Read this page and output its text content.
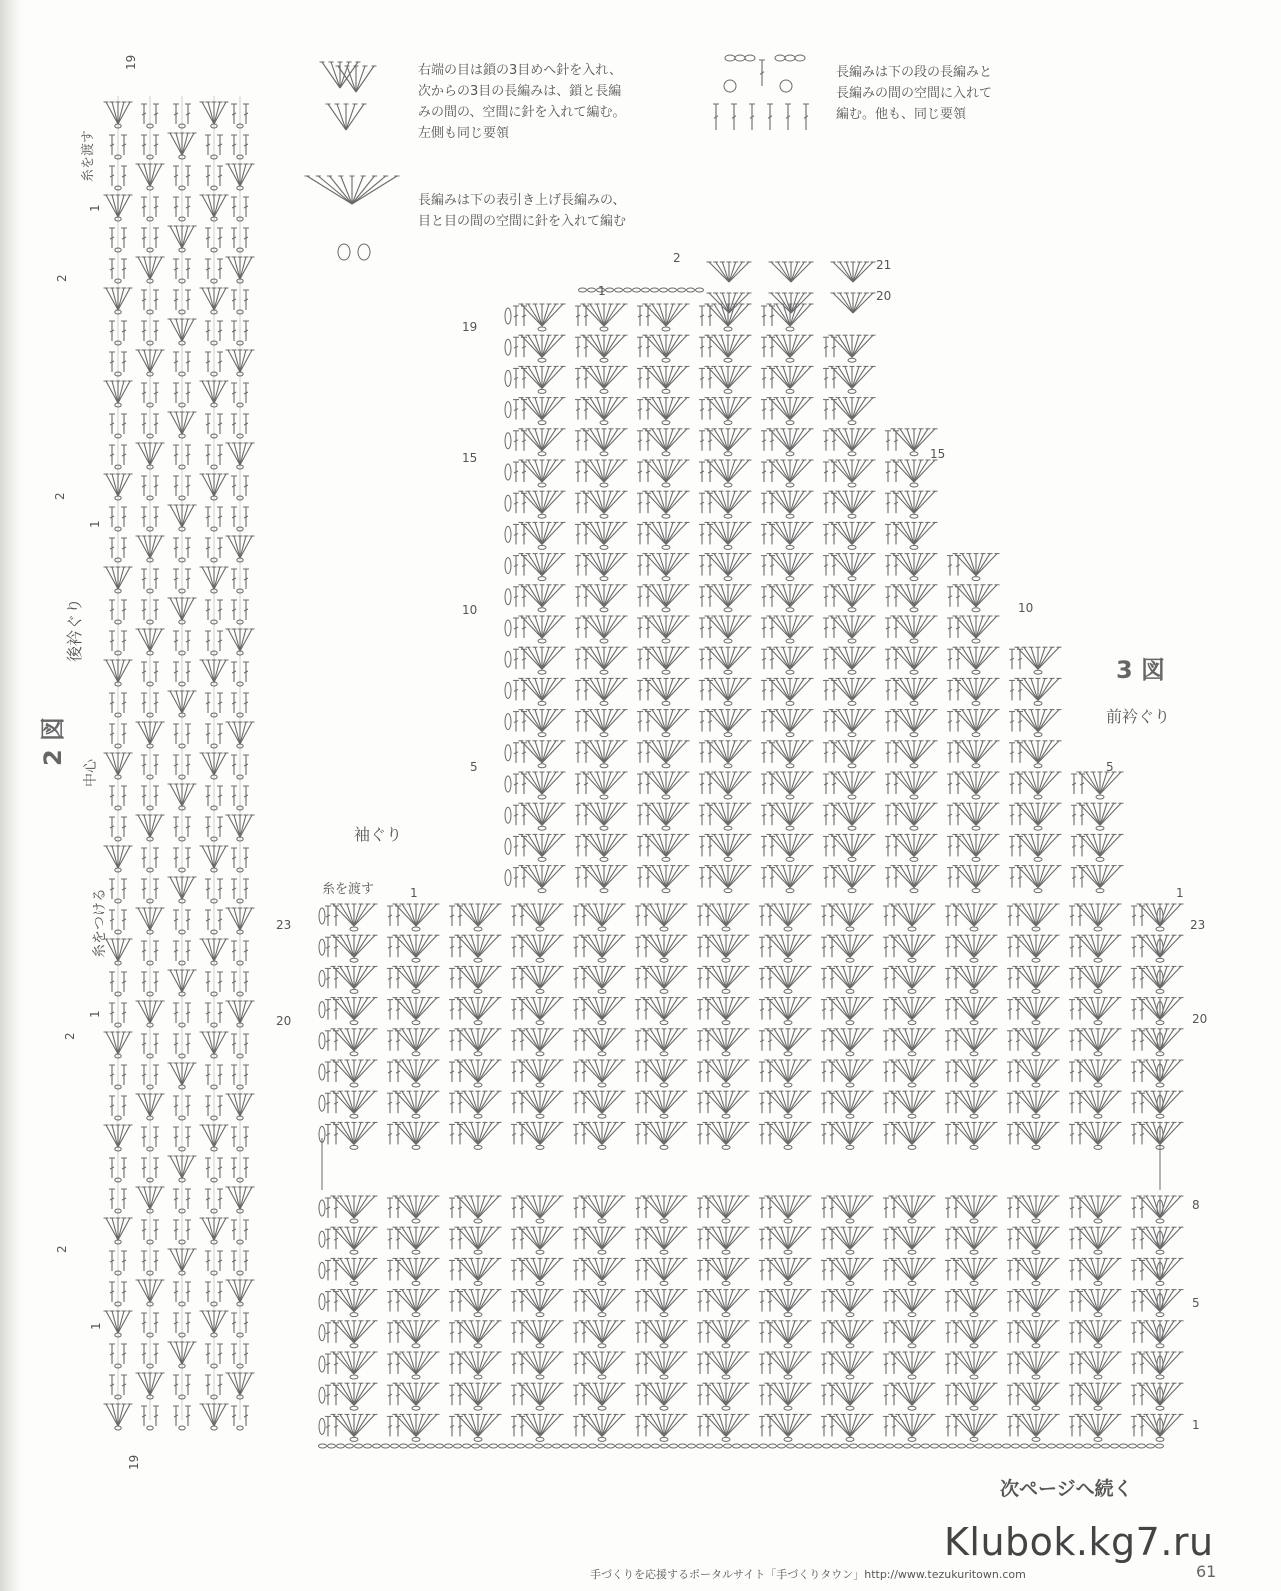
右端の目は鎖の3目めへ針を入れ、
次からの3目の長編みは、鎖と長編
みの間の、空間に針を入れて編む。
左側も同じ要領
長編みは下の段の長編みと
長編みの間の空間に入れて
編む。他も、同じ要領
長編みは下の表引き上げ長編みの、
目と目の間の空間に針を入れて編む
2 図
後衿ぐり
中心
糸をつける
糸を渡す
19
1
2
2
1
1
2
2
1
19
3 図
前衿ぐり
袖ぐり
糸を渡す
19
15
10
5
23
20
21
20
15
10
5
1
23
20
8
5
1
2
1
1
次ページへ続く
Klubok.kg7.ru
手づくりを応援するポータルサイト「手づくりタウン」http://www.tezukuritown.com	61
